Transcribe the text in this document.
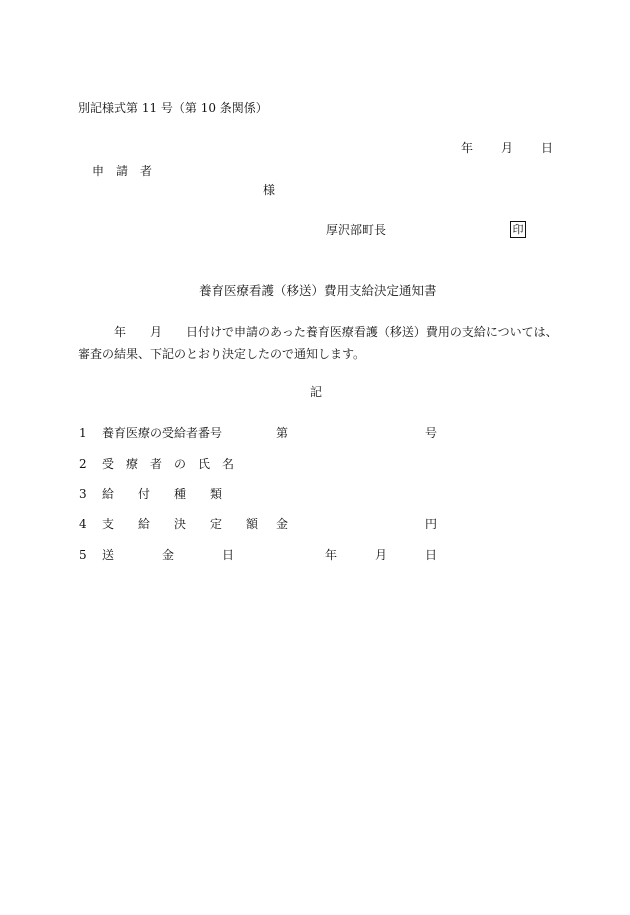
別記様式第 11 号（第 10 条関係）
年 月 日
申　請　者
様
厚沢部町長	印
養育医療看護（移送）費用支給決定通知書
年　　月　　日付けで申請のあった養育医療看護（移送）費用の支給については、
審査の結果、下記のとおり決定したので通知します。
記
1 養育医療の受給者番号	第	号
2 受　療　者　の　氏　名
3 給　　付　　種　　類
4 支　　給　　決　　定　　額 金	円
5 送　　　　金　　　　日	年	月	日
